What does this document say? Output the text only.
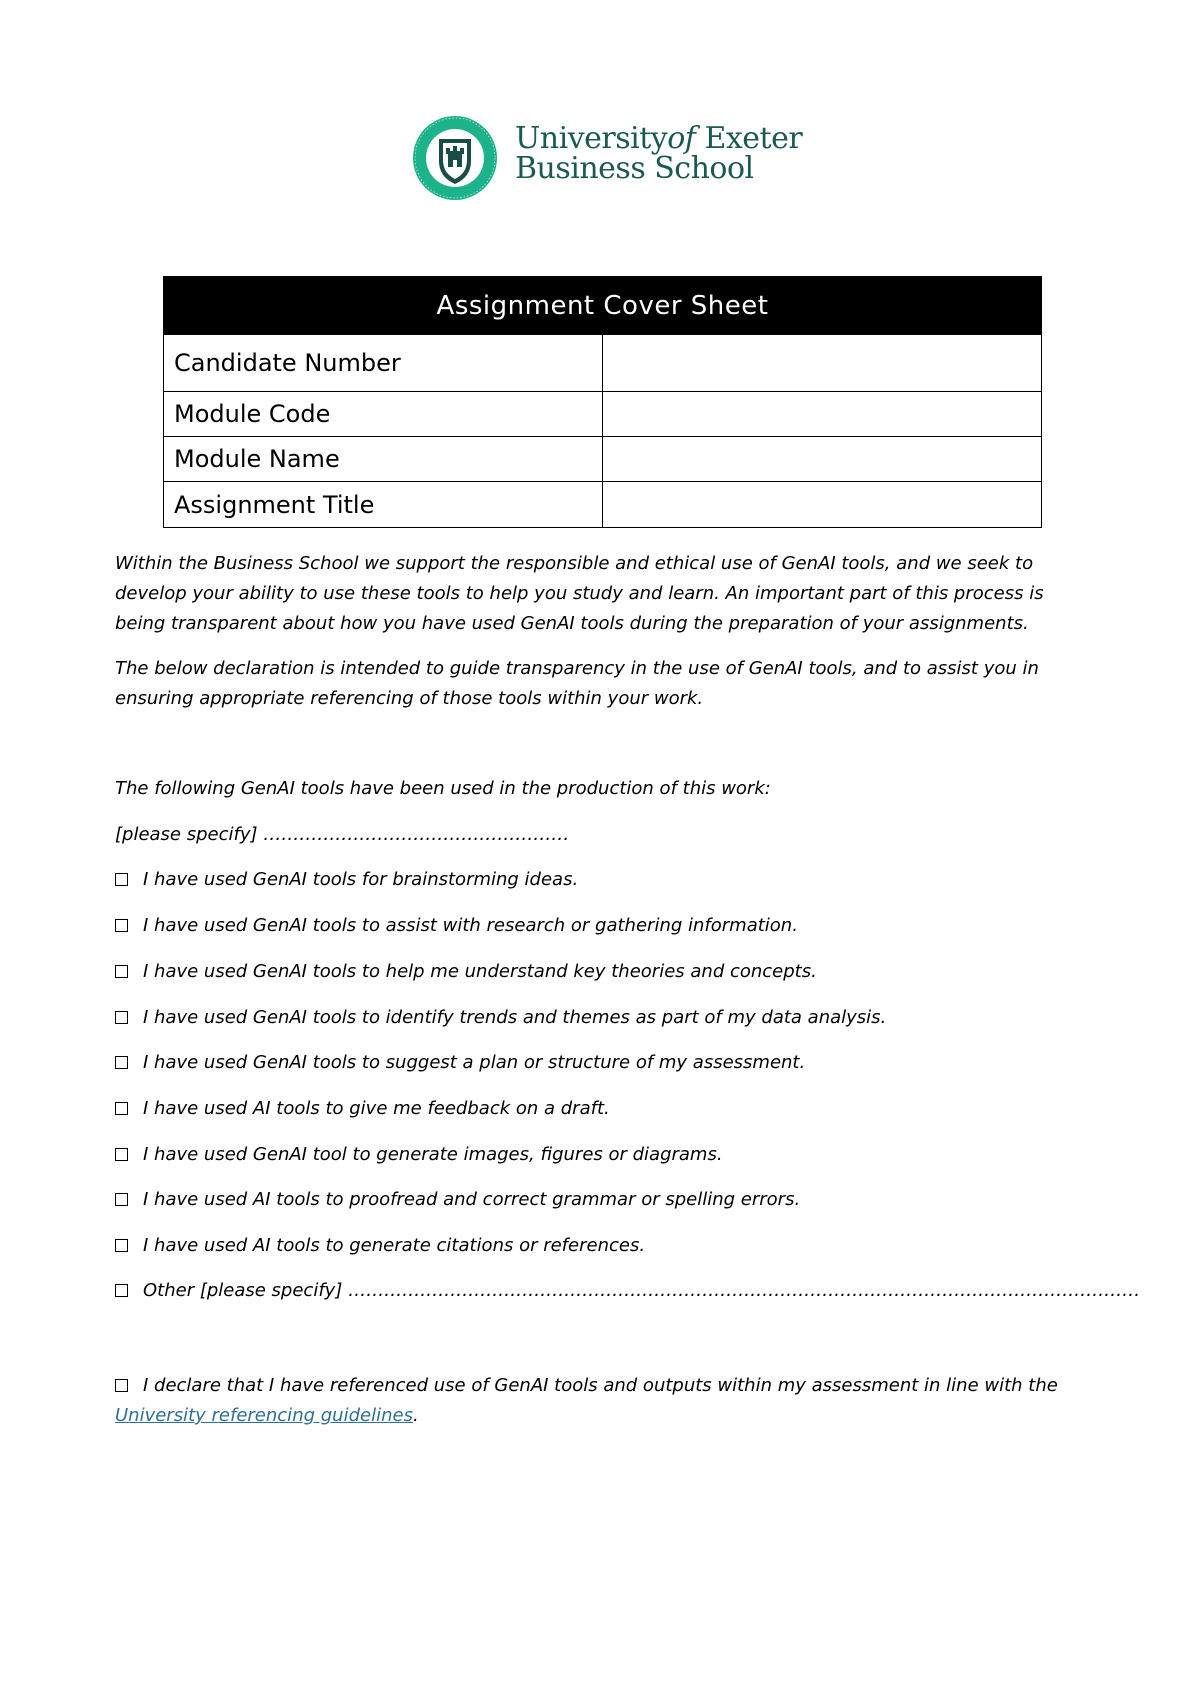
Universityof Exeter
Business School
Assignment Cover Sheet	
Candidate Number	
Module Code	
Module Name	
Assignment Title	
Within the Business School we support the responsible and ethical use of GenAI tools, and we seek to develop your ability to use these tools to help you study and learn. An important part of this process is being transparent about how you have used GenAI tools during the preparation of your assignments.
The below declaration is intended to guide transparency in the use of GenAI tools, and to assist you in ensuring appropriate referencing of those tools within your work.
The following GenAI tools have been used in the production of this work:
[please specify] ……………………………………………
I have used GenAI tools for brainstorming ideas.
I have used GenAI tools to assist with research or gathering information.
I have used GenAI tools to help me understand key theories and concepts.
I have used GenAI tools to identify trends and themes as part of my data analysis.
I have used GenAI tools to suggest a plan or structure of my assessment.
I have used AI tools to give me feedback on a draft.
I have used GenAI tool to generate images, figures or diagrams.
I have used AI tools to proofread and correct grammar or spelling errors.
I have used AI tools to generate citations or references.
Other [please specify] ……………………………………………………………………………………………………………………
I declare that I have referenced use of GenAI tools and outputs within my assessment in line with the University referencing guidelines.
